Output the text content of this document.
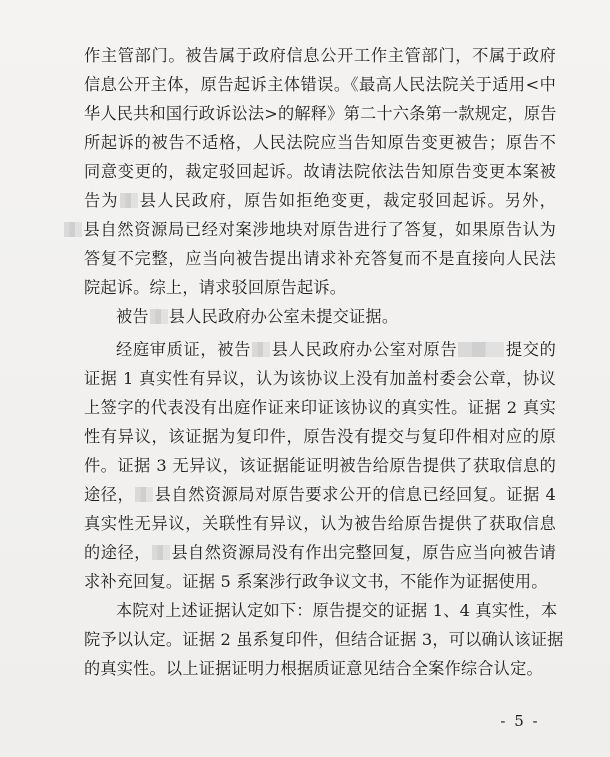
作主管部门。被告属于政府信息公开工作主管部门，不属于政府
信息公开主体，原告起诉主体错误。《最高人民法院关于适用<中
华人民共和国行政诉讼法>的解释》第二十六条第一款规定，原告
所起诉的被告不适格，人民法院应当告知原告变更被告；原告不
同意变更的，裁定驳回起诉。故请法院依法告知原告变更本案被
告为 县人民政府，原告如拒绝变更，裁定驳回起诉。另外，
县自然资源局已经对案涉地块对原告进行了答复，如果原告认为
答复不完整，应当向被告提出请求补充答复而不是直接向人民法
院起诉。综上，请求驳回原告起诉。
被告 县人民政府办公室未提交证据。
经庭审质证，被告 县人民政府办公室对原告	提交的
证据 1 真实性有异议，认为该协议上没有加盖村委会公章，协议
上签字的代表没有出庭作证来印证该协议的真实性。证据 2 真实
性有异议，该证据为复印件，原告没有提交与复印件相对应的原
件。证据 3 无异议，该证据能证明被告给原告提供了获取信息的
途径， 县自然资源局对原告要求公开的信息已经回复。证据 4
真实性无异议，关联性有异议，认为被告给原告提供了获取信息
的途径， 县自然资源局没有作出完整回复，原告应当向被告请
求补充回复。证据 5 系案涉行政争议文书，不能作为证据使用。
本院对上述证据认定如下：原告提交的证据 1、4 真实性，本
院予以认定。证据 2 虽系复印件，但结合证据 3，可以确认该证据
的真实性。以上证据证明力根据质证意见结合全案作综合认定。
- 5 -
